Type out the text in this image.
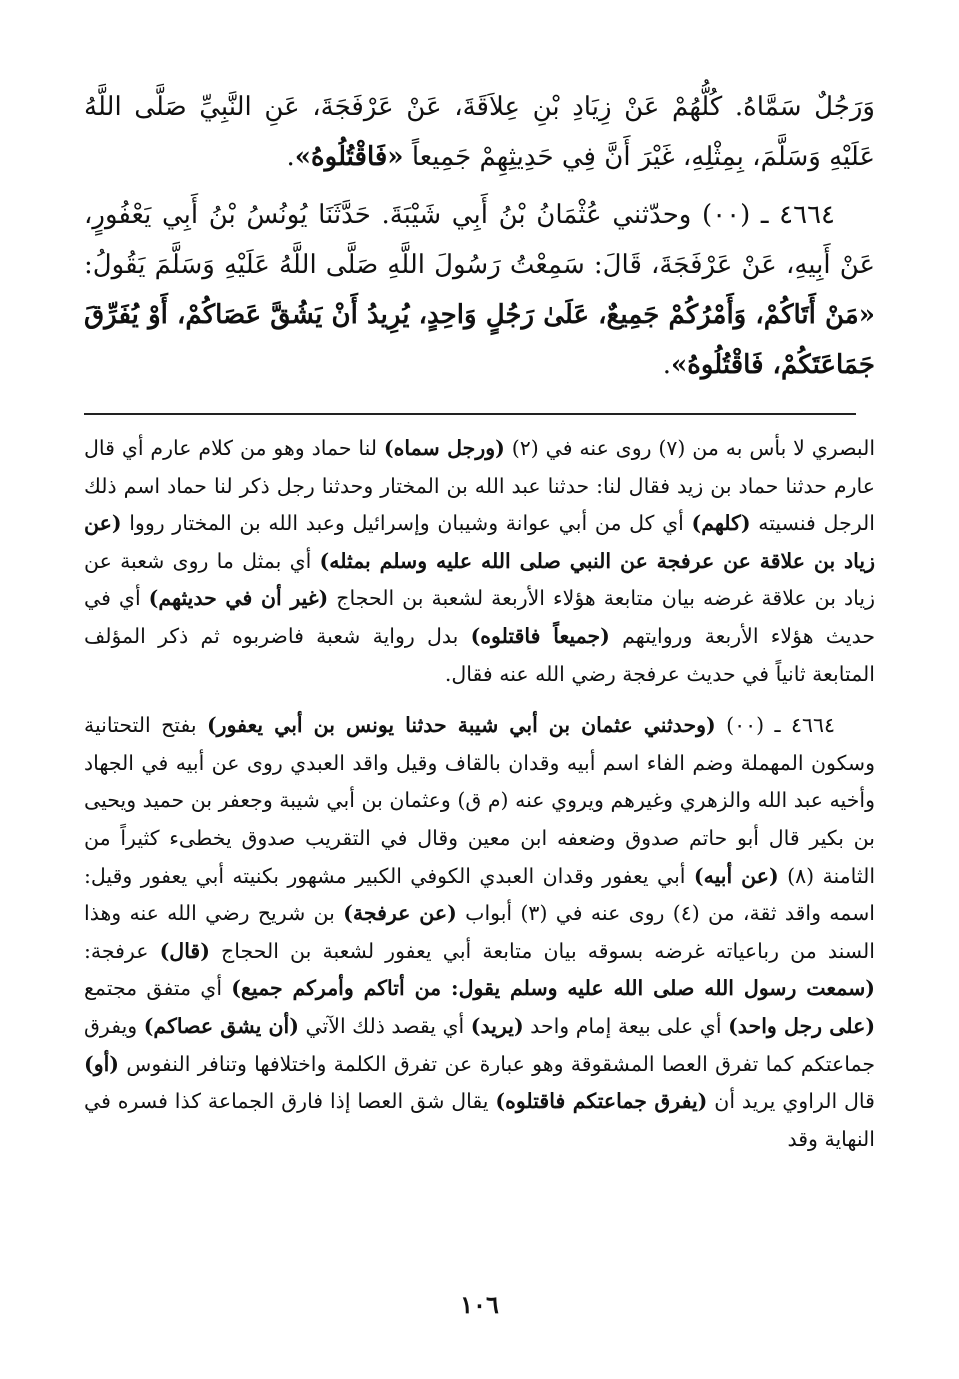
وَرَجُلٌ سَمَّاهُ. كُلُّهُمْ عَنْ زِيَادِ بْنِ عِلاَقَةَ، عَنْ عَرْفَجَةَ، عَنِ النَّبِيِّ صَلَّى اللَّهُ عَلَيْهِ وَسَلَّمَ، بِمِثْلِهِ، غَيْرَ أَنَّ فِي حَدِيثِهِمْ جَمِيعاً «فَاقْتُلُوهُ».

٤٦٦٤ ـ (٠٠) وحدّثني عُثْمَانُ بْنُ أَبِي شَيْبَةَ. حَدَّثَنَا يُونُسُ بْنُ أَبِي يَعْفُورٍ، عَنْ أَبِيهِ، عَنْ عَرْفَجَةَ، قَالَ: سَمِعْتُ رَسُولَ اللَّهِ صَلَّى اللَّهُ عَلَيْهِ وَسَلَّمَ يَقُولُ: «مَنْ أَتَاكُمْ، وَأَمْرُكُمْ جَمِيعٌ، عَلَىٰ رَجُلٍ وَاحِدٍ، يُرِيدُ أَنْ يَشُقَّ عَصَاكُمْ، أَوْ يُفَرِّقَ جَمَاعَتَكُمْ، فَاقْتُلُوهُ».

البصري لا بأس به من (٧) روى عنه في (٢) (ورجل سماه) لنا حماد وهو من كلام عارم أي قال عارم حدثنا حماد بن زيد فقال لنا: حدثنا عبد الله بن المختار وحدثنا رجل ذكر لنا حماد اسم ذلك الرجل فنسيته (كلهم) أي كل من أبي عوانة وشيبان وإسرائيل وعبد الله بن المختار رووا (عن زياد بن علاقة عن عرفجة عن النبي صلى الله عليه وسلم بمثله) أي بمثل ما روى شعبة عن زياد بن علاقة غرضه بيان متابعة هؤلاء الأربعة لشعبة بن الحجاج (غير أن في حديثهم) أي في حديث هؤلاء الأربعة وروايتهم (جميعاً فاقتلوه) بدل رواية شعبة فاضربوه ثم ذكر المؤلف المتابعة ثانياً في حديث عرفجة رضي الله عنه فقال.

٤٦٦٤ ـ (٠٠) (وحدثني عثمان بن أبي شيبة حدثنا يونس بن أبي يعفور) بفتح التحتانية وسكون المهملة وضم الفاء اسم أبيه وقدان بالقاف وقيل واقد العبدي روى عن أبيه في الجهاد وأخيه عبد الله والزهري وغيرهم ويروي عنه (م ق) وعثمان بن أبي شيبة وجعفر بن حميد ويحيى بن بكير قال أبو حاتم صدوق وضعفه ابن معين وقال في التقريب صدوق يخطىء كثيراً من الثامنة (٨) (عن أبيه) أبي يعفور وقدان العبدي الكوفي الكبير مشهور بكنيته أبي يعفور وقيل: اسمه واقد ثقة، من (٤) روى عنه في (٣) أبواب (عن عرفجة) بن شريح رضي الله عنه وهذا السند من رباعياته غرضه بسوقه بيان متابعة أبي يعفور لشعبة بن الحجاج (قال) عرفجة: (سمعت رسول الله صلى الله عليه وسلم يقول: من أتاكم وأمركم جميع) أي متفق مجتمع (على رجل واحد) أي على بيعة إمام واحد (يريد) أي يقصد ذلك الآتي (أن يشق عصاكم) ويفرق جماعتكم كما تفرق العصا المشقوقة وهو عبارة عن تفرق الكلمة واختلافها وتنافر النفوس (أو) قال الراوي يريد أن (يفرق جماعتكم فاقتلوه) يقال شق العصا إذا فارق الجماعة كذا فسره في النهاية وقد

١٠٦
